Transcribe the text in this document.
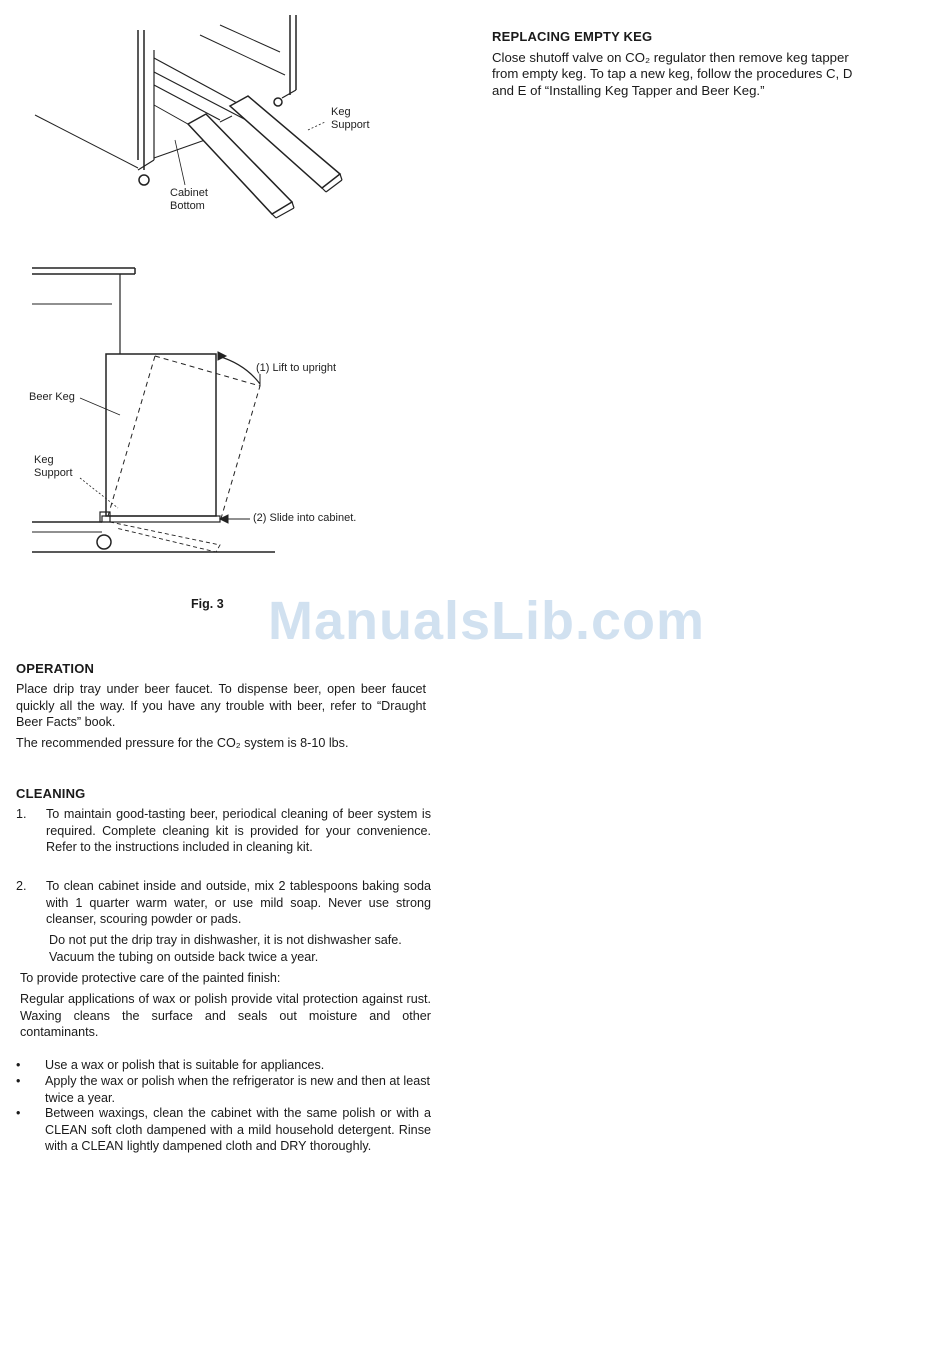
Keg
Support
Cabinet
Bottom
(1) Lift to upright
Beer Keg
Keg
Support
(2) Slide into cabinet.
Fig. 3 ManualsLib.com
REPLACING EMPTY KEG
Close shutoff valve on CO₂ regulator then remove keg tapper
from empty keg. To tap a new keg, follow the procedures C, D
and E of “Installing Keg Tapper and Beer Keg.”
OPERATION
Place drip tray under beer faucet. To dispense beer, open beer faucet quickly all the way. If you have any trouble with beer, refer to “Draught Beer Facts” book.
The recommended pressure for the CO₂ system is 8-10 lbs.
CLEANING
1. To maintain good-tasting beer, periodical cleaning of beer system is required. Complete cleaning kit is provided for your convenience. Refer to the instructions included in cleaning kit.
2. To clean cabinet inside and outside, mix 2 tablespoons baking soda with 1 quarter warm water, or use mild soap. Never use strong cleanser, scouring powder or pads.
Do not put the drip tray in dishwasher, it is not dishwasher safe. Vacuum the tubing on outside back twice a year.
To provide protective care of the painted finish:
Regular applications of wax or polish provide vital protection against rust. Waxing cleans the surface and seals out moisture and other contaminants.
• Use a wax or polish that is suitable for appliances.
• Apply the wax or polish when the refrigerator is new and then at least twice a year.
• Between waxings, clean the cabinet with the same polish or with a CLEAN soft cloth dampened with a mild household detergent. Rinse with a CLEAN lightly dampened cloth and DRY thoroughly.
